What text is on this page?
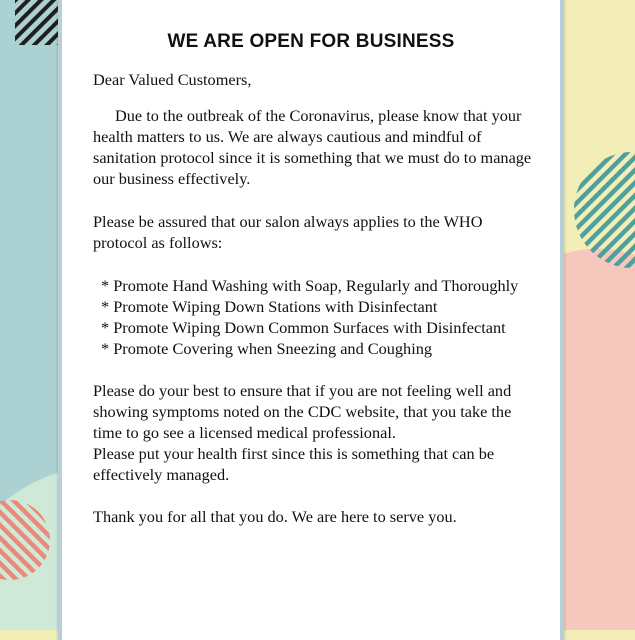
WE ARE OPEN FOR BUSINESS

Dear Valued Customers,

Due to the outbreak of the Coronavirus, please know that your health matters to us. We are always cautious and mindful of sanitation protocol since it is something that we must do to manage our business effectively.

Please be assured that our salon always applies to the WHO protocol as follows:

* Promote Hand Washing with Soap, Regularly and Thoroughly

* Promote Wiping Down Stations with Disinfectant

* Promote Wiping Down Common Surfaces with Disinfectant

* Promote Covering when Sneezing and Coughing

Please do your best to ensure that if you are not feeling well and showing symptoms noted on the CDC website, that you take the time to go see a licensed medical professional.

Please put your health first since this is something that can be effectively managed.

Thank you for all that you do. We are here to serve you.
